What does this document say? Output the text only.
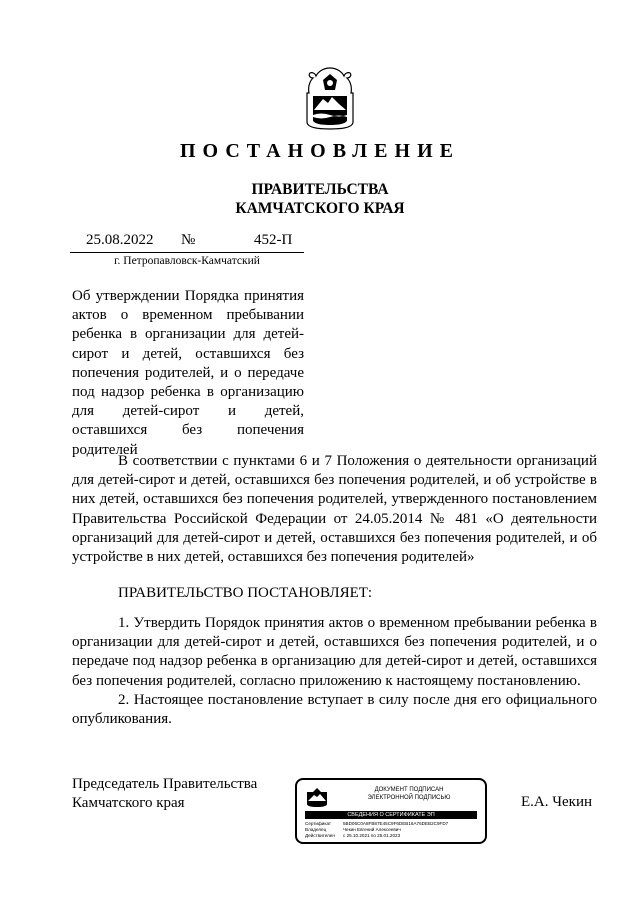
ПОСТАНОВЛЕНИЕ
ПРАВИТЕЛЬСТВА
КАМЧАТСКОГО КРАЯ
25.08.2022 №	452-П
г. Петропавловск-Камчатский
Об утверждении Порядка принятия актов о временном пребывании ребенка в организации для детей-сирот и детей, оставшихся без попечения родителей, и о передаче под надзор ребенка в организацию для детей-сирот и детей, оставшихся без попечения родителей
В соответствии с пунктами 6 и 7 Положения о деятельности организаций для детей-сирот и детей, оставшихся без попечения родителей, и об устройстве в них детей, оставшихся без попечения родителей, утвержденного постановлением Правительства Российской Федерации от 24.05.2014 № 481 «О деятельности организаций для детей-сирот и детей, оставшихся без попечения родителей, и об устройстве в них детей, оставшихся без попечения родителей»
ПРАВИТЕЛЬСТВО ПОСТАНОВЛЯЕТ:

1. Утвердить Порядок принятия актов о временном пребывании ребенка в организации для детей-сирот и детей, оставшихся без попечения родителей, и о передаче под надзор ребенка в организацию для детей-сирот и детей, оставшихся без попечения родителей, согласно приложению к настоящему постановлению.

2. Настоящее постановление вступает в силу после дня его официального опубликования.

Председатель Правительства
Камчатского края
ДОКУМЕНТ ПОДПИСАН
ЭЛЕКТРОННОЙ ПОДПИСЬЮ
СВЕДЕНИЯ О СЕРТИФИКАТЕ ЭП
Сертификат	5BD06C0A8FB87E45C9F6DEB16A76DEB2C9FD7
Владелец	Чекин Евгений Алексеевич
Действителен с 25.10.2021 по 25.01.2023
Е.А. Чекин
